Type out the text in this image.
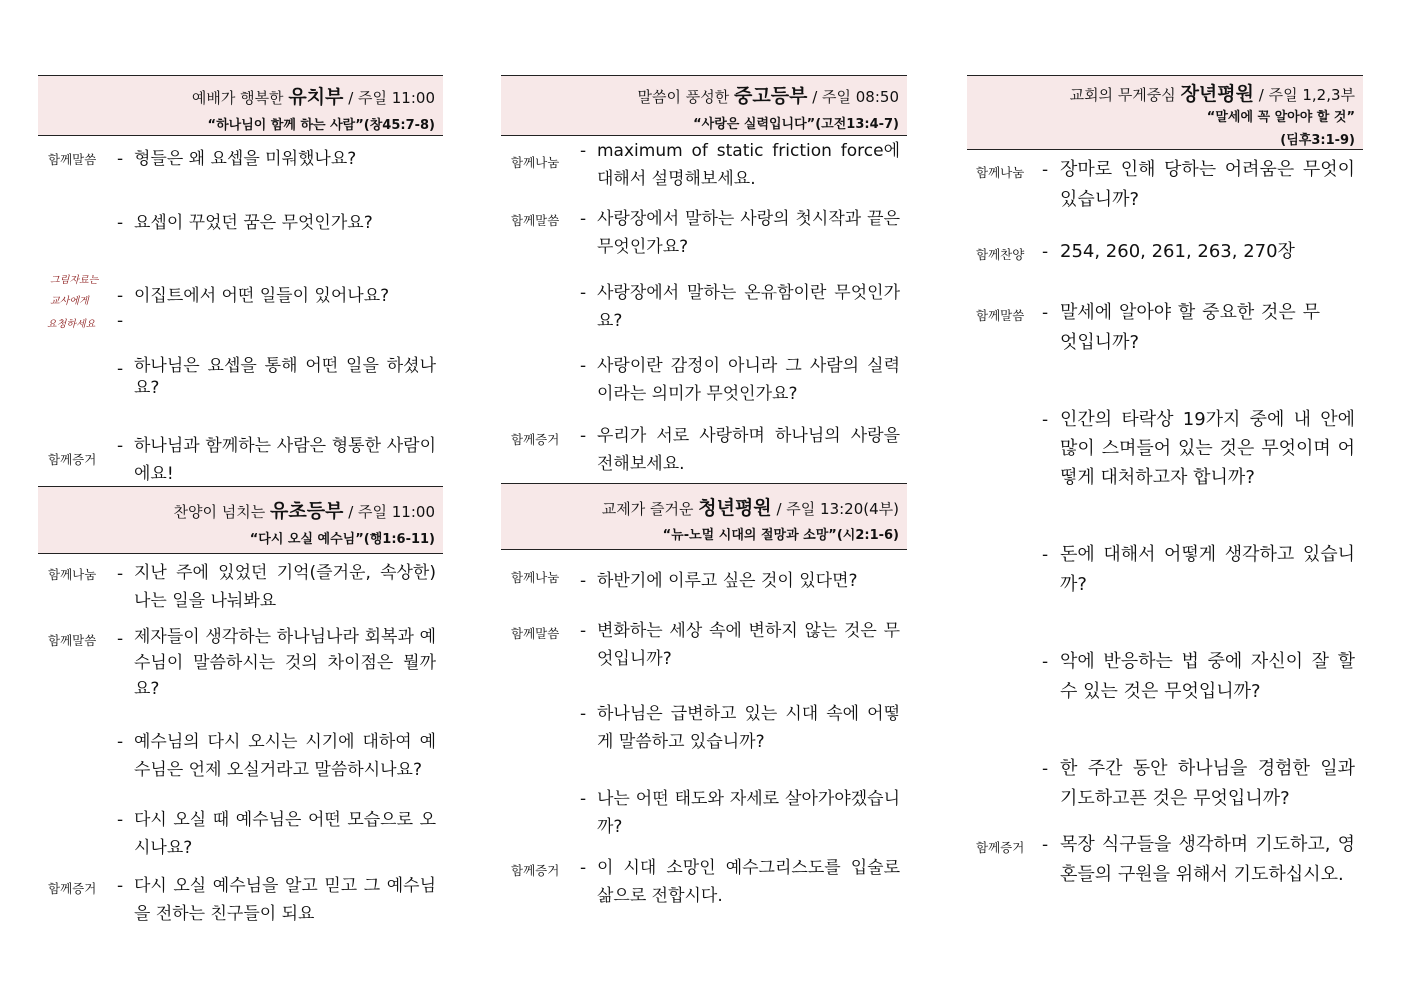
예배가 행복한 유치부 / 주일 11:00
“하나님이 함께 하는 사람”(창45:7-8)
함께말씀 - 형들은 왜 요셉을 미워했나요?
- 요셉이 꾸었던 꿈은 무엇인가요?
그림자료는
교사에게
요청하세요
- 이집트에서 어떤 일들이 있어나요?
-
- 하나님은 요셉을 통해 어떤 일을 하셨나요?
함께증거
- 하나님과 함께하는 사람은 형통한 사람이에요!
찬양이 넘치는 유초등부 / 주일 11:00
“다시 오실 예수님”(행1:6-11)
함께나눔 - 지난 주에 있었던 기억(즐거운, 속상한)나는 일을 나눠봐요
함께말씀 - 제자들이 생각하는 하나님나라 회복과 예수님이 말씀하시는 것의 차이점은 뭘까요?
- 예수님의 다시 오시는 시기에 대하여 예수님은 언제 오실거라고 말씀하시나요?
- 다시 오실 때 예수님은 어떤 모습으로 오시나요?
함께증거 - 다시 오실 예수님을 알고 믿고 그 예수님을 전하는 친구들이 되요
말씀이 풍성한 중고등부 / 주일 08:50
“사랑은 실력입니다”(고전13:4-7)
함께나눔
- maximum of static friction force에 대해서 설명해보세요.
함께말씀 - 사랑장에서 말하는 사랑의 첫시작과 끝은 무엇인가요?
- 사랑장에서 말하는 온유함이란 무엇인가요?
- 사랑이란 감정이 아니라 그 사람의 실력이라는 의미가 무엇인가요?
함께증거 - 우리가 서로 사랑하며 하나님의 사랑을 전해보세요.
교제가 즐거운 청년평원 / 주일 13:20(4부)
“뉴-노멀 시대의 절망과 소망”(시2:1-6)
함께나눔 - 하반기에 이루고 싶은 것이 있다면?
함께말씀 - 변화하는 세상 속에 변하지 않는 것은 무엇입니까?
- 하나님은 급변하고 있는 시대 속에 어떻게 말씀하고 있습니까?
- 나는 어떤 태도와 자세로 살아가야겠습니까?
함께증거 - 이 시대 소망인 예수그리스도를 입술로 삶으로 전합시다.
교회의 무게중심 장년평원 / 주일 1,2,3부
“말세에 꼭 알아야 할 것”
(딤후3:1-9)
함께나눔 - 장마로 인해 당하는 어려움은 무엇이 있습니까?
함께찬양 - 254, 260, 261, 263, 270장
함께말씀 - 말세에 알아야 할 중요한 것은 무엇입니까?
- 인간의 타락상 19가지 중에 내 안에 많이 스며들어 있는 것은 무엇이며 어떻게 대처하고자 합니까?
- 돈에 대해서 어떻게 생각하고 있습니까?
- 악에 반응하는 법 중에 자신이 잘 할 수 있는 것은 무엇입니까?
- 한 주간 동안 하나님을 경험한 일과 기도하고픈 것은 무엇입니까?
함께증거 - 목장 식구들을 생각하며 기도하고, 영혼들의 구원을 위해서 기도하십시오.
